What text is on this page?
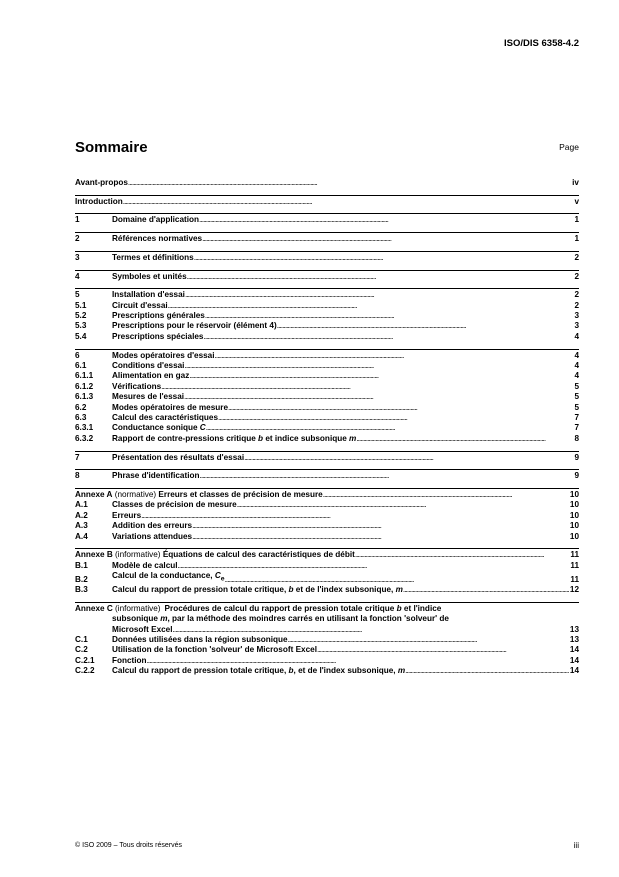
ISO/DIS 6358-4.2
Sommaire	Page
Avant-propos . . .	iv
Introduction . . .	v
1	Domaine d'application . . .	1
2	Références normatives . . .	1
3	Termes et définitions . . .	2
4	Symboles et unités . . .	2
5	Installation d'essai . . .	2
5.1	Circuit d'essai . . .	2
5.2	Prescriptions générales . . .	3
5.3	Prescriptions pour le réservoir (élément 4) . . .	3
5.4	Prescriptions spéciales . . .	4
6	Modes opératoires d'essai . . .	4
6.1	Conditions d'essai . . .	4
6.1.1	Alimentation en gaz . . .	4
6.1.2	Vérifications . . .	5
6.1.3	Mesures de l'essai . . .	5
6.2	Modes opératoires de mesure . . .	5
6.3	Calcul des caractéristiques . . .	7
6.3.1	Conductance sonique C . . .	7
6.3.2	Rapport de contre-pressions critique b et indice subsonique m . . .	8
7	Présentation des résultats d'essai . . .	9
8	Phrase d'identification . . .	9
Annexe A (normative) Erreurs et classes de précision de mesure . . .	10
A.1	Classes de précision de mesure . . .	10
A.2	Erreurs . . .	10
A.3	Addition des erreurs . . .	10
A.4	Variations attendues . . .	10
Annexe B (informative) Équations de calcul des caractéristiques de débit . . .	11
B.1	Modèle de calcul . . .	11
B.2	Calcul de la conductance, $C_e$ . . .	11
B.3	Calcul du rapport de pression totale critique, b et de l'index subsonique, m . . .	12
Annexe C (informative) Procédures de calcul du rapport de pression totale critique b et l'indice
subsonique m, par la méthode des moindres carrés en utilisant la fonction 'solveur' de
Microsoft Excel . . .	13
C.1	Données utilisées dans la région subsonique . . .	13
C.2	Utilisation de la fonction 'solveur' de Microsoft Excel . . .	14
C.2.1	Fonction . . .	14
C.2.2	Calcul du rapport de pression totale critique, b, et de l'index subsonique, m . . .	14
© ISO 2009 – Tous droits réservés	iii
